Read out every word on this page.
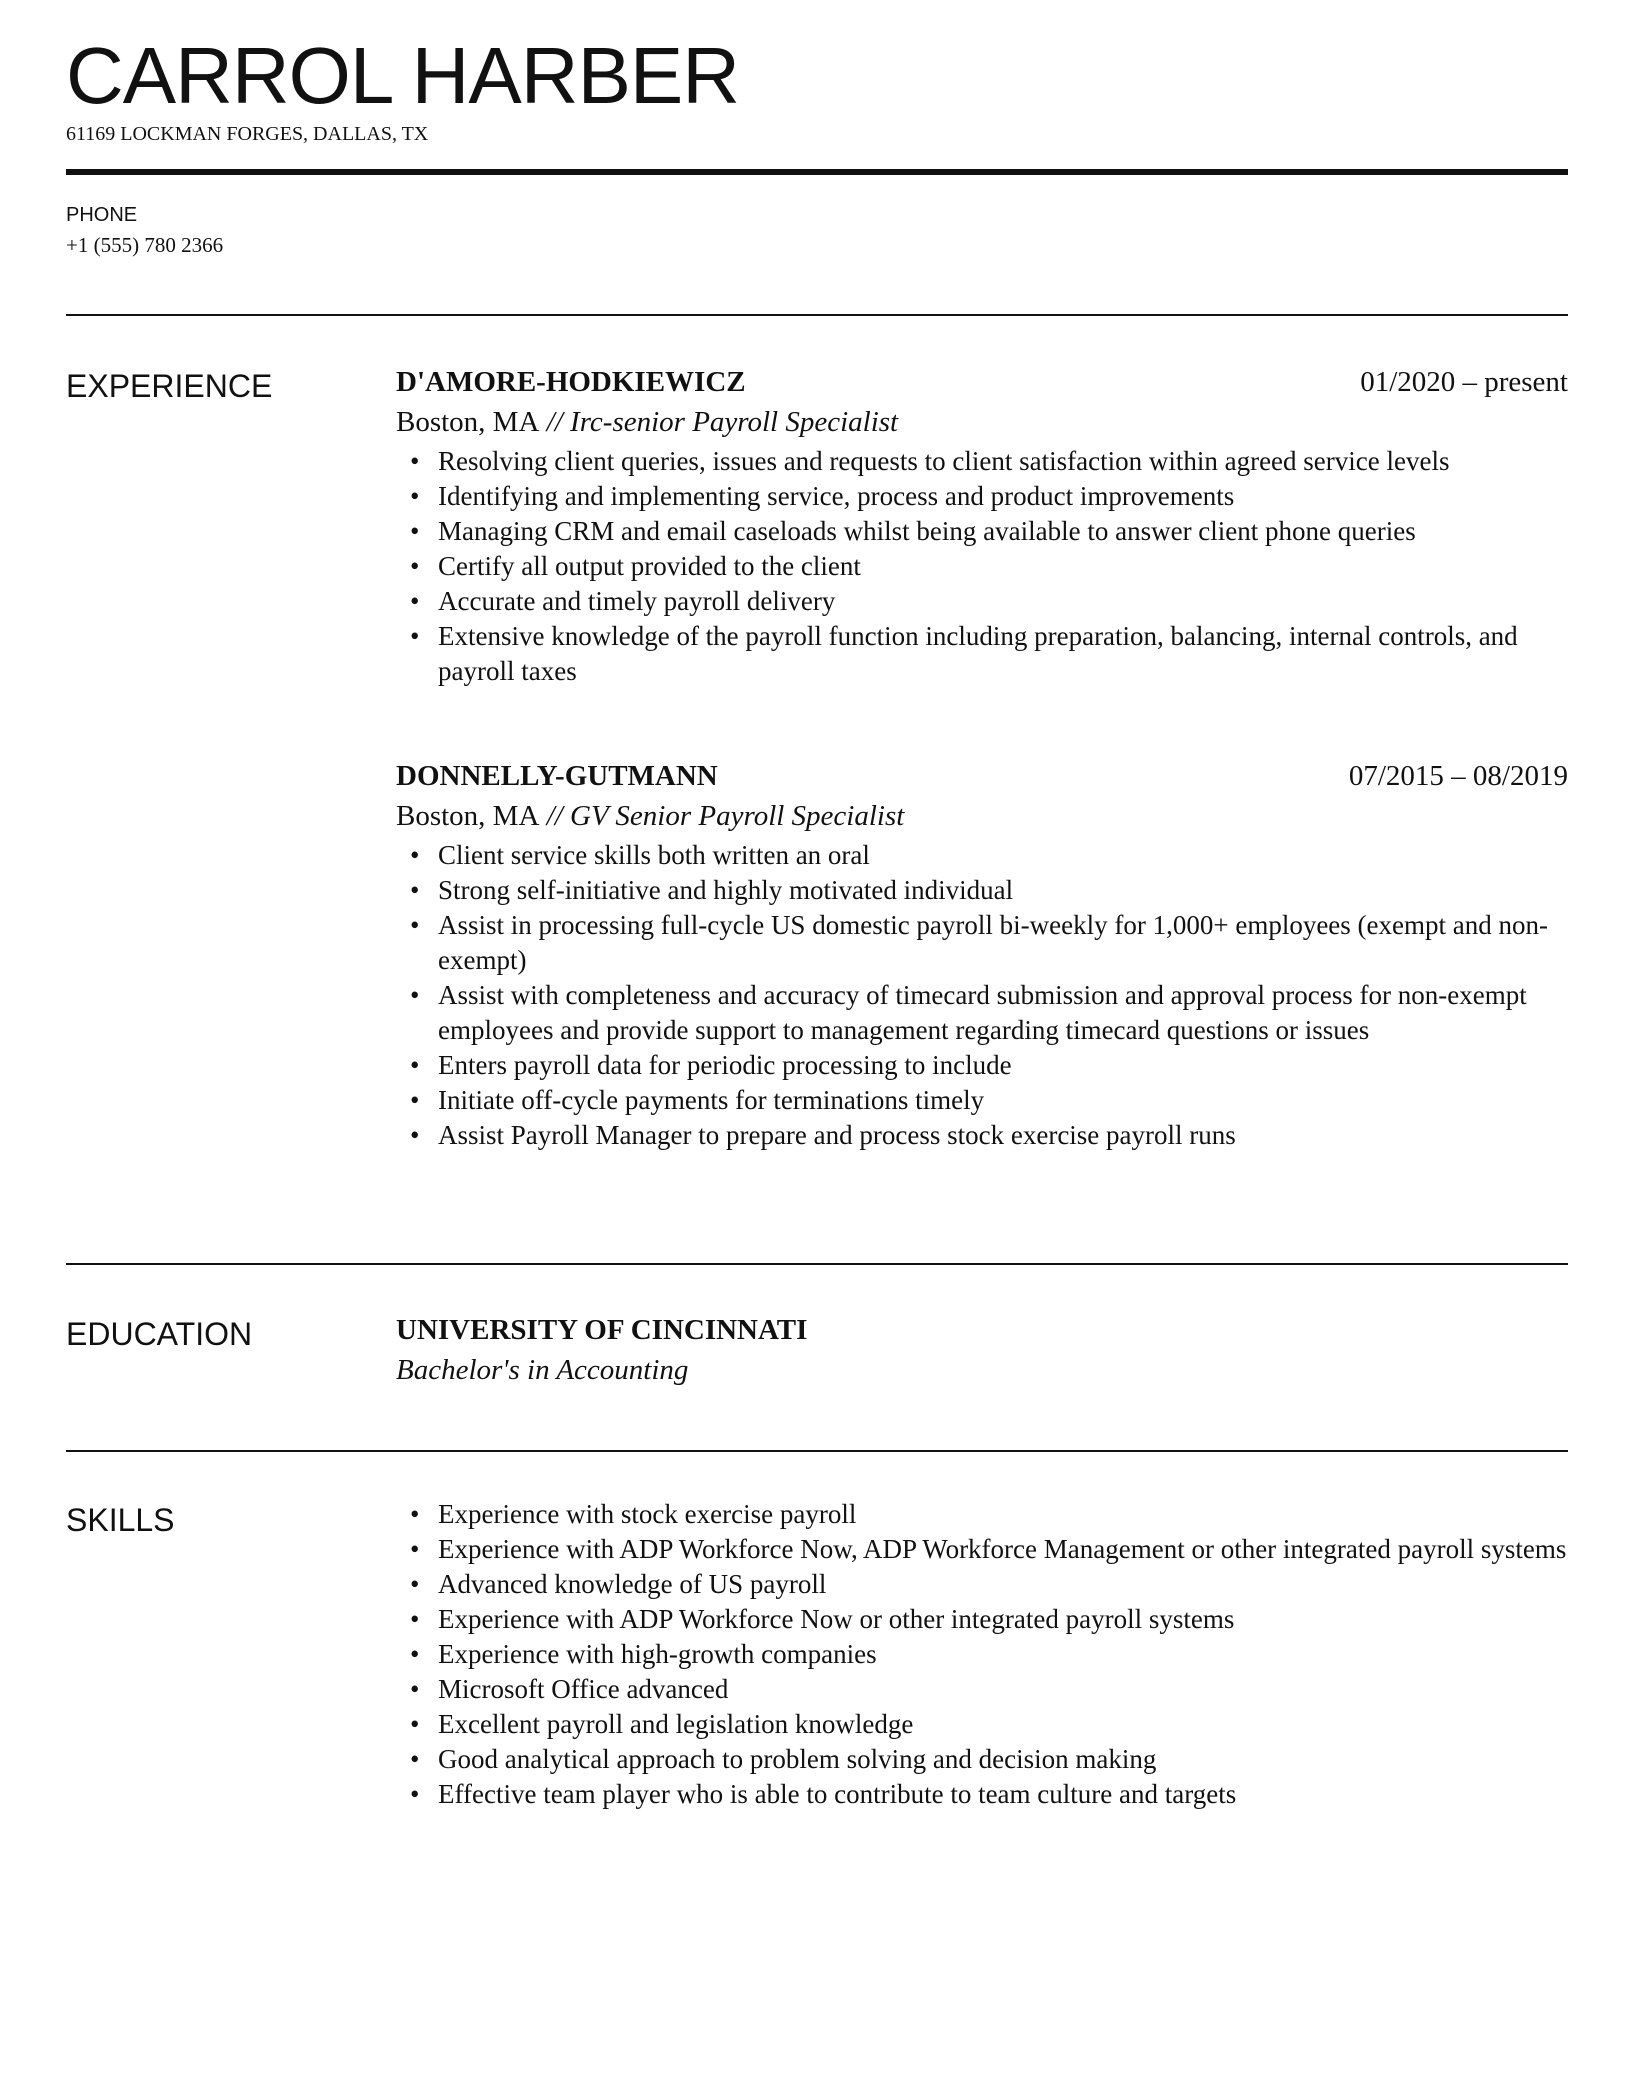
CARROL HARBER
61169 LOCKMAN FORGES, DALLAS, TX
PHONE
+1 (555) 780 2366
EXPERIENCE	D'AMORE-HODKIEWICZ	01/2020 – present
Boston, MA // Irc-senior Payroll Specialist
• Resolving client queries, issues and requests to client satisfaction within agreed service levels
• Identifying and implementing service, process and product improvements
• Managing CRM and email caseloads whilst being available to answer client phone queries
• Certify all output provided to the client
• Accurate and timely payroll delivery
• Extensive knowledge of the payroll function including preparation, balancing, internal controls, and payroll taxes
DONNELLY-GUTMANN	07/2015 – 08/2019
Boston, MA // GV Senior Payroll Specialist
• Client service skills both written an oral
• Strong self-initiative and highly motivated individual
• Assist in processing full-cycle US domestic payroll bi-weekly for 1,000+ employees (exempt and non-exempt)
• Assist with completeness and accuracy of timecard submission and approval process for non-exempt employees and provide support to management regarding timecard questions or issues
• Enters payroll data for periodic processing to include
• Initiate off-cycle payments for terminations timely
• Assist Payroll Manager to prepare and process stock exercise payroll runs
EDUCATION	UNIVERSITY OF CINCINNATI
Bachelor's in Accounting
SKILLS
•	Experience with stock exercise payroll
• Experience with ADP Workforce Now, ADP Workforce Management or other integrated payroll systems
• Advanced knowledge of US payroll
• Experience with ADP Workforce Now or other integrated payroll systems
• Experience with high-growth companies
• Microsoft Office advanced
• Excellent payroll and legislation knowledge
• Good analytical approach to problem solving and decision making
• Effective team player who is able to contribute to team culture and targets
